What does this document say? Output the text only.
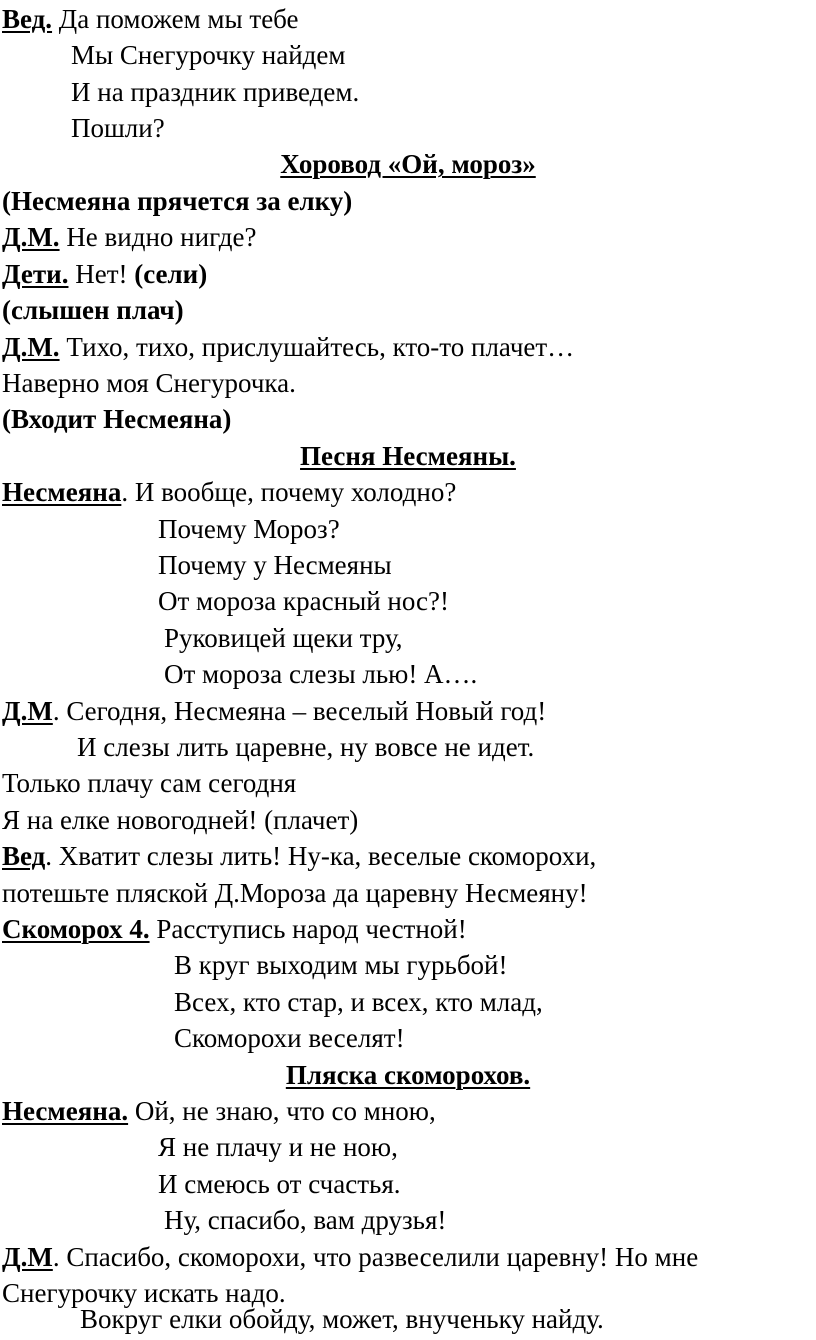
Вед. Да поможем мы тебе
Мы Снегурочку найдем
И на праздник приведем.
Пошли?
Хоровод «Ой, мороз»
(Несмеяна прячется за елку)
Д.М. Не видно нигде?
Дети. Нет! (сели)
(слышен плач)
Д.М. Тихо, тихо, прислушайтесь, кто-то плачет…
Наверно моя Снегурочка.
(Входит Несмеяна)
Песня Несмеяны.
Несмеяна. И вообще, почему холодно?
Почему Мороз?
Почему у Несмеяны
От мороза красный нос?!
Руковицей щеки тру,
От мороза слезы лью! А….
Д.М. Сегодня, Несмеяна – веселый Новый год!
И слезы лить царевне, ну вовсе не идет.
Только плачу сам сегодня
Я на елке новогодней! (плачет)
Вед. Хватит слезы лить! Ну-ка, веселые скоморохи,
потешьте пляской Д.Мороза да царевну Несмеяну!
Скоморох 4. Расступись народ честной!
В круг выходим мы гурьбой!
Всех, кто стар, и всех, кто млад,
Скоморохи веселят!
Пляска скоморохов.
Несмеяна. Ой, не знаю, что со мною,
Я не плачу и не ною,
И смеюсь от счастья.
Ну, спасибо, вам друзья!
Д.М. Спасибо, скоморохи, что развеселили царевну! Но мне
Снегурочку искать надо.
Вокруг елки обойду, может, внученьку найду.
